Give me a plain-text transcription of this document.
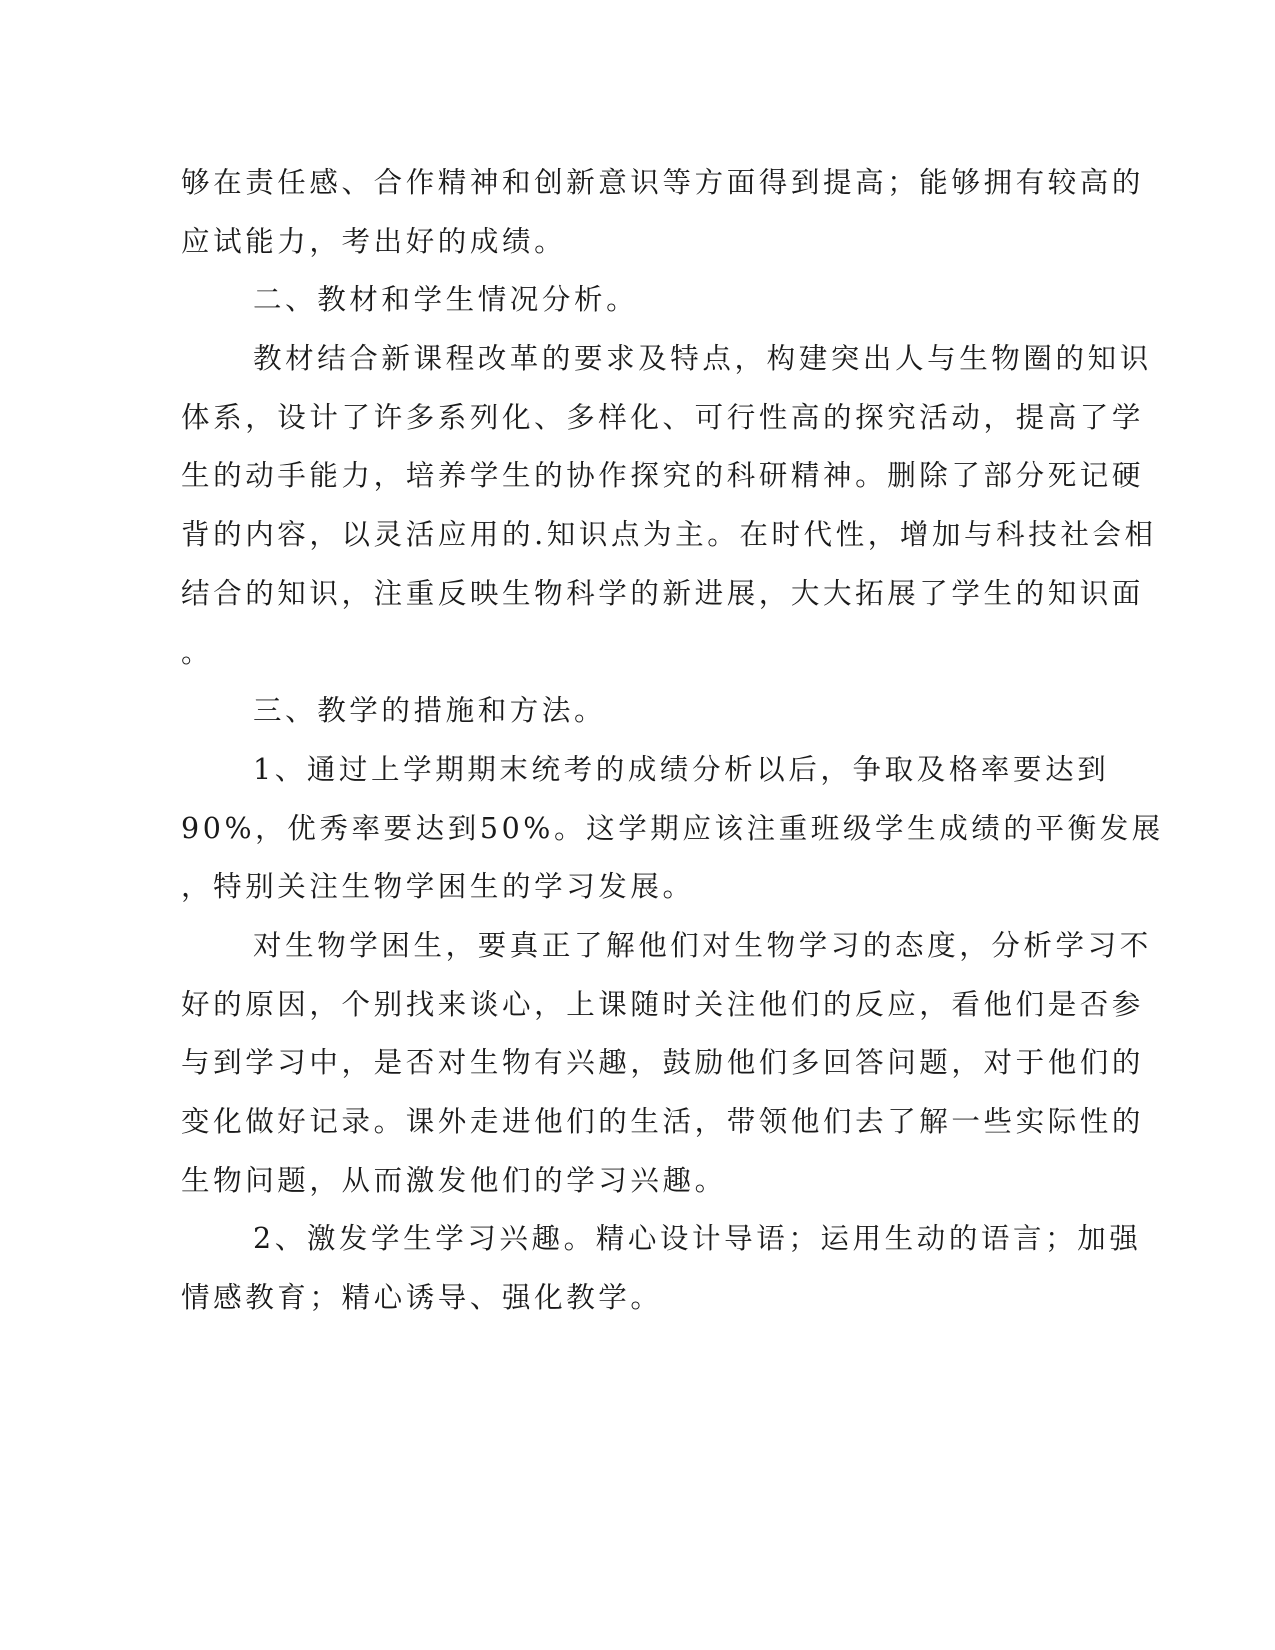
够在责任感、合作精神和创新意识等方面得到提高；能够拥有较高的
应试能力，考出好的成绩。
二、教材和学生情况分析。
教材结合新课程改革的要求及特点，构建突出人与生物圈的知识
体系，设计了许多系列化、多样化、可行性高的探究活动，提高了学
生的动手能力，培养学生的协作探究的科研精神。删除了部分死记硬
背的内容，以灵活应用的.知识点为主。在时代性，增加与科技社会相
结合的知识，注重反映生物科学的新进展，大大拓展了学生的知识面
。
三、教学的措施和方法。
1、通过上学期期末统考的成绩分析以后，争取及格率要达到
90%，优秀率要达到50%。这学期应该注重班级学生成绩的平衡发展
，特别关注生物学困生的学习发展。
对生物学困生，要真正了解他们对生物学习的态度，分析学习不
好的原因，个别找来谈心，上课随时关注他们的反应，看他们是否参
与到学习中，是否对生物有兴趣，鼓励他们多回答问题，对于他们的
变化做好记录。课外走进他们的生活，带领他们去了解一些实际性的
生物问题，从而激发他们的学习兴趣。
2、激发学生学习兴趣。精心设计导语；运用生动的语言；加强
情感教育；精心诱导、强化教学。
